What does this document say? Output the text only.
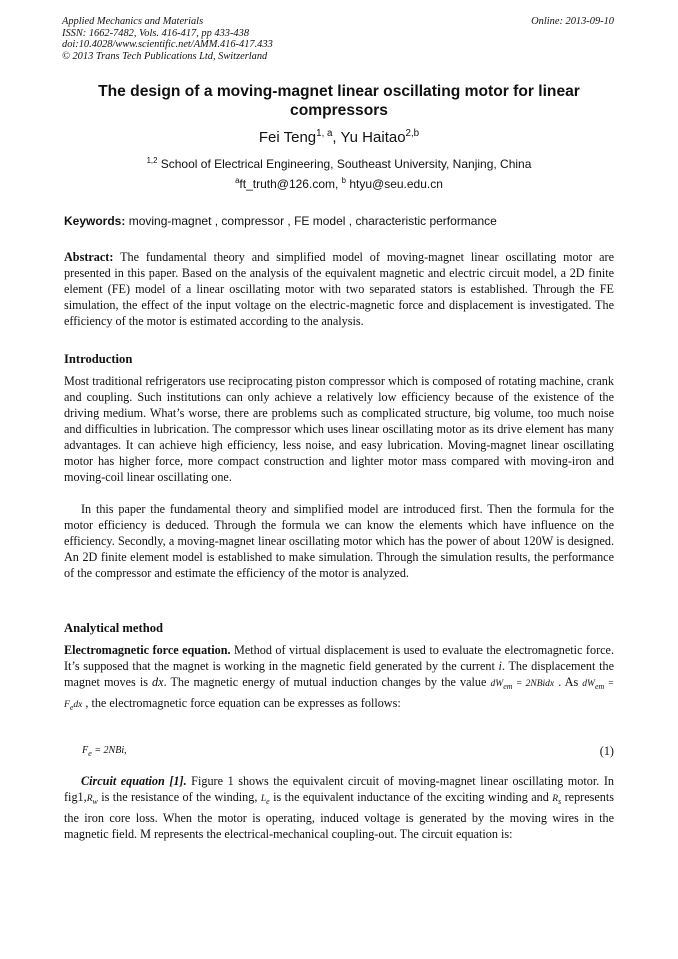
Applied Mechanics and Materials
ISSN: 1662-7482, Vols. 416-417, pp 433-438
doi:10.4028/www.scientific.net/AMM.416-417.433
© 2013 Trans Tech Publications Ltd, Switzerland
Online: 2013-09-10
The design of a moving-magnet linear oscillating motor for linear compressors
Fei Teng$^{1, a}$, Yu Haitao$^{2,b}$
$^{1,2}$ School of Electrical Engineering, Southeast University, Nanjing, China
$^a$ft_truth@126.com, $^b$ htyu@seu.edu.cn
Keywords: moving-magnet , compressor , FE model , characteristic performance
Abstract: The fundamental theory and simplified model of moving-magnet linear oscillating motor are presented in this paper. Based on the analysis of the equivalent magnetic and electric circuit model, a 2D finite element (FE) model of a linear oscillating motor with two separated stators is established. Through the FE simulation, the effect of the input voltage on the electric-magnetic force and displacement is investigated. The efficiency of the motor is estimated according to the analysis.
Introduction
Most traditional refrigerators use reciprocating piston compressor which is composed of rotating machine, crank and coupling. Such institutions can only achieve a relatively low efficiency because of the existence of the driving medium. What’s worse, there are problems such as complicated structure, big volume, too much noise and difficulties in lubrication. The compressor which uses linear oscillating motor as its drive element has many advantages. It can achieve high efficiency, less noise, and easy lubrication. Moving-magnet linear oscillating motor has higher force, more compact construction and lighter motor mass compared with moving-iron and moving-coil linear oscillating one.
In this paper the fundamental theory and simplified model are introduced first. Then the formula for the motor efficiency is deduced. Through the formula we can know the elements which have influence on the efficiency. Secondly, a moving-magnet linear oscillating motor which has the power of about 120W is designed. An 2D finite element model is established to make simulation. Through the simulation results, the performance of the compressor and estimate the efficiency of the motor is analyzed.
Analytical method
Electromagnetic force equation. Method of virtual displacement is used to evaluate the electromagnetic force. It’s supposed that the magnet is working in the magnetic field generated by the current i. The displacement the magnet moves is dx. The magnetic energy of mutual induction changes by the value $dW_{em}$ = 2NBidx . As $dW_{em} = F_edx$ , the electromagnetic force equation can be expresses as follows:
$F_e = 2NBi$,	(1)
Circuit equation [1]. Figure 1 shows the equivalent circuit of moving-magnet linear oscillating motor. In $fig1,R_w$ is the resistance of the winding, $L_e$ is the equivalent inductance of the exciting winding and $R_s$ represents the iron core loss. When the motor is operating, induced voltage is generated by the moving wires in the magnetic field. M represents the electrical-mechanical coupling-out. The circuit equation is:
